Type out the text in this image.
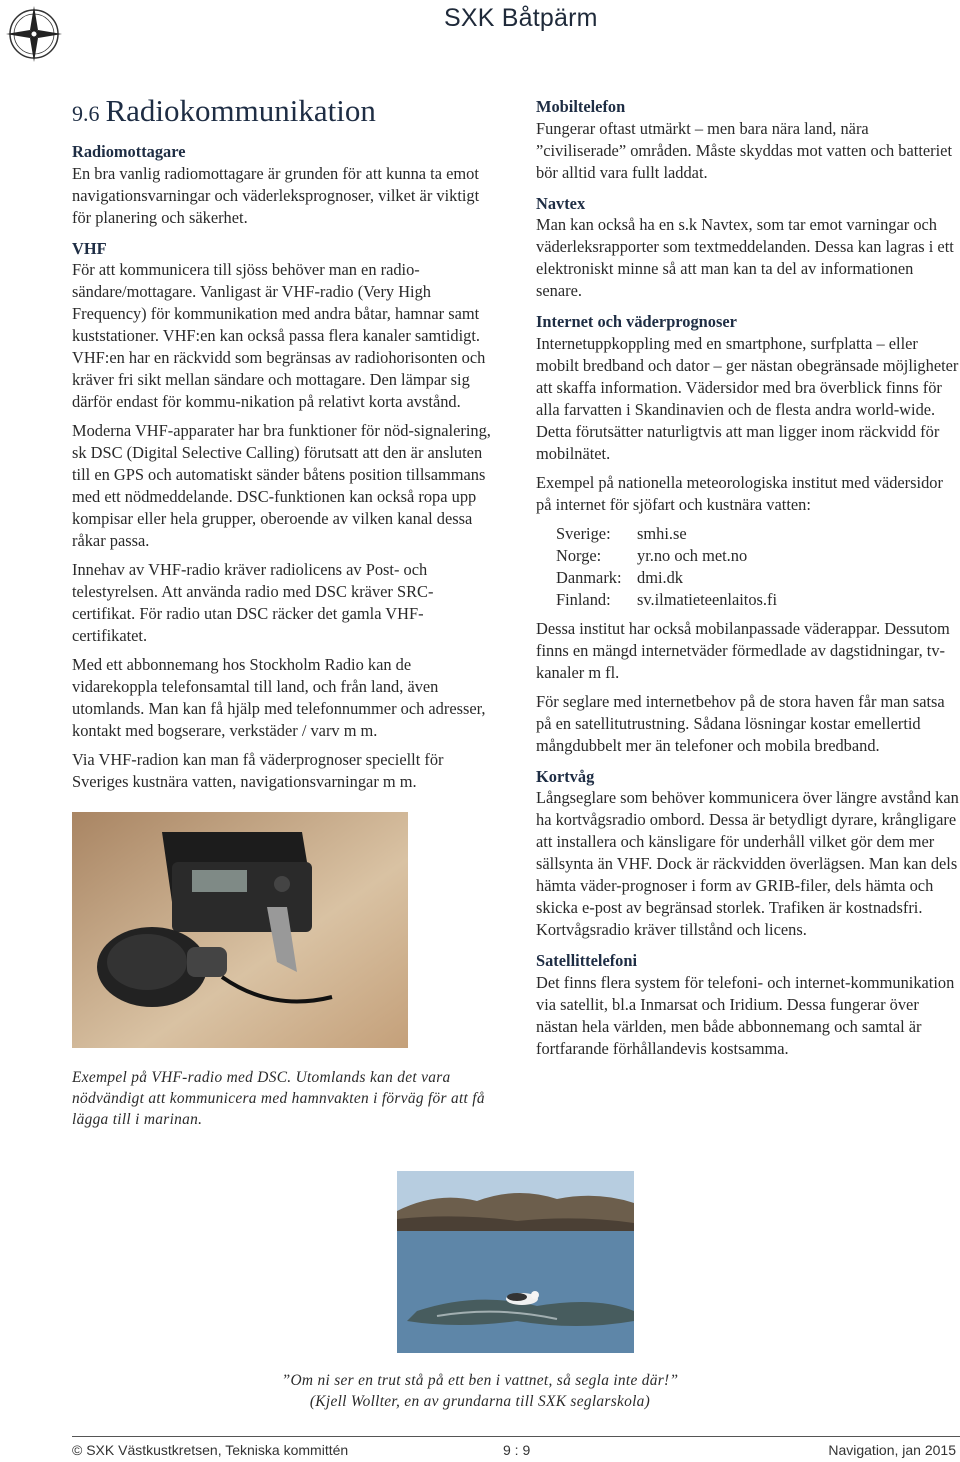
SXK Båtpärm
9.6 Radiokommunikation
Radiomottagare

En bra vanlig radiomottagare är grunden för att kunna ta emot navigationsvarningar och väderleksprognoser, vilket är viktigt för planering och säkerhet.

VHF

För att kommunicera till sjöss behöver man en radio-sändare/mottagare. Vanligast är VHF-radio (Very High Frequency) för kommunikation med andra båtar, hamnar samt kuststationer. VHF:en kan också passa flera kanaler samtidigt. VHF:en har en räckvidd som begränsas av radiohorisonten och kräver fri sikt mellan sändare och mottagare. Den lämpar sig därför endast för kommu-nikation på relativt korta avstånd.

Moderna VHF-apparater har bra funktioner för nöd-signalering, sk DSC (Digital Selective Calling) förutsatt att den är ansluten till en GPS och automatiskt sänder båtens position tillsammans med ett nödmeddelande. DSC-funktionen kan också ropa upp kompisar eller hela grupper, oberoende av vilken kanal dessa råkar passa.

Innehav av VHF-radio kräver radiolicens av Post- och telestyrelsen. Att använda radio med DSC kräver SRC-certifikat. För radio utan DSC räcker det gamla VHF-certifikatet.

Med ett abbonnemang hos Stockholm Radio kan de vidarekoppla telefonsamtal till land, och från land, även utomlands. Man kan få hjälp med telefonnummer och adresser, kontakt med bogserare, verkstäder / varv m m.

Via VHF-radion kan man få väderprognoser speciellt för Sveriges kustnära vatten, navigationsvarningar m m.

Exempel på VHF-radio med DSC. Utomlands kan det vara nödvändigt att kommunicera med hamnvakten i förväg för att få lägga till i marinan.
Mobiltelefon

Fungerar oftast utmärkt – men bara nära land, nära ”civiliserade” områden. Måste skyddas mot vatten och batteriet bör alltid vara fullt laddat.

Navtex

Man kan också ha en s.k Navtex, som tar emot varningar och väderleksrapporter som textmeddelanden. Dessa kan lagras i ett elektroniskt minne så att man kan ta del av informationen senare.

Internet och väderprognoser

Internetuppkoppling med en smartphone, surfplatta – eller mobilt bredband och dator – ger nästan obegränsade möjligheter att skaffa information. Vädersidor med bra överblick finns för alla farvatten i Skandinavien och de flesta andra world-wide. Detta förutsätter naturligtvis att man ligger inom räckvidd för mobilnätet.

Exempel på nationella meteorologiska institut med vädersidor på internet för sjöfart och kustnära vatten:

Sverige:	smhi.se
Norge:	yr.no och met.no
Danmark: dmi.dk
Finland:	sv.ilmatieteenlaitos.fi

Dessa institut har också mobilanpassade väderappar. Dessutom finns en mängd internetväder förmedlade av dagstidningar, tv-kanaler m fl.

För seglare med internetbehov på de stora haven får man satsa på en satellitutrustning. Sådana lösningar kostar emellertid mångdubbelt mer än telefoner och mobila bredband.

Kortvåg

Långseglare som behöver kommunicera över längre avstånd kan ha kortvågsradio ombord. Dessa är betydligt dyrare, krångligare att installera och känsligare för underhåll vilket gör dem mer sällsynta än VHF. Dock är räckvidden överlägsen. Man kan dels hämta väder-prognoser i form av GRIB-filer, dels hämta och skicka e-post av begränsad storlek. Trafiken är kostnadsfri. Kortvågsradio kräver tillstånd och licens.

Satellittelefoni

Det finns flera system för telefoni- och internet-kommunikation via satellit, bl.a Inmarsat och Iridium. Dessa fungerar över nästan hela världen, men både abbonnemang och samtal är fortfarande förhållandevis kostsamma.

”Om ni ser en trut stå på ett ben i vattnet, så segla inte där!”
(Kjell Wollter, en av grundarna till SXK seglarskola)
© SXK Västkustkretsen, Tekniska kommittén	9 : 9	Navigation, jan 2015
